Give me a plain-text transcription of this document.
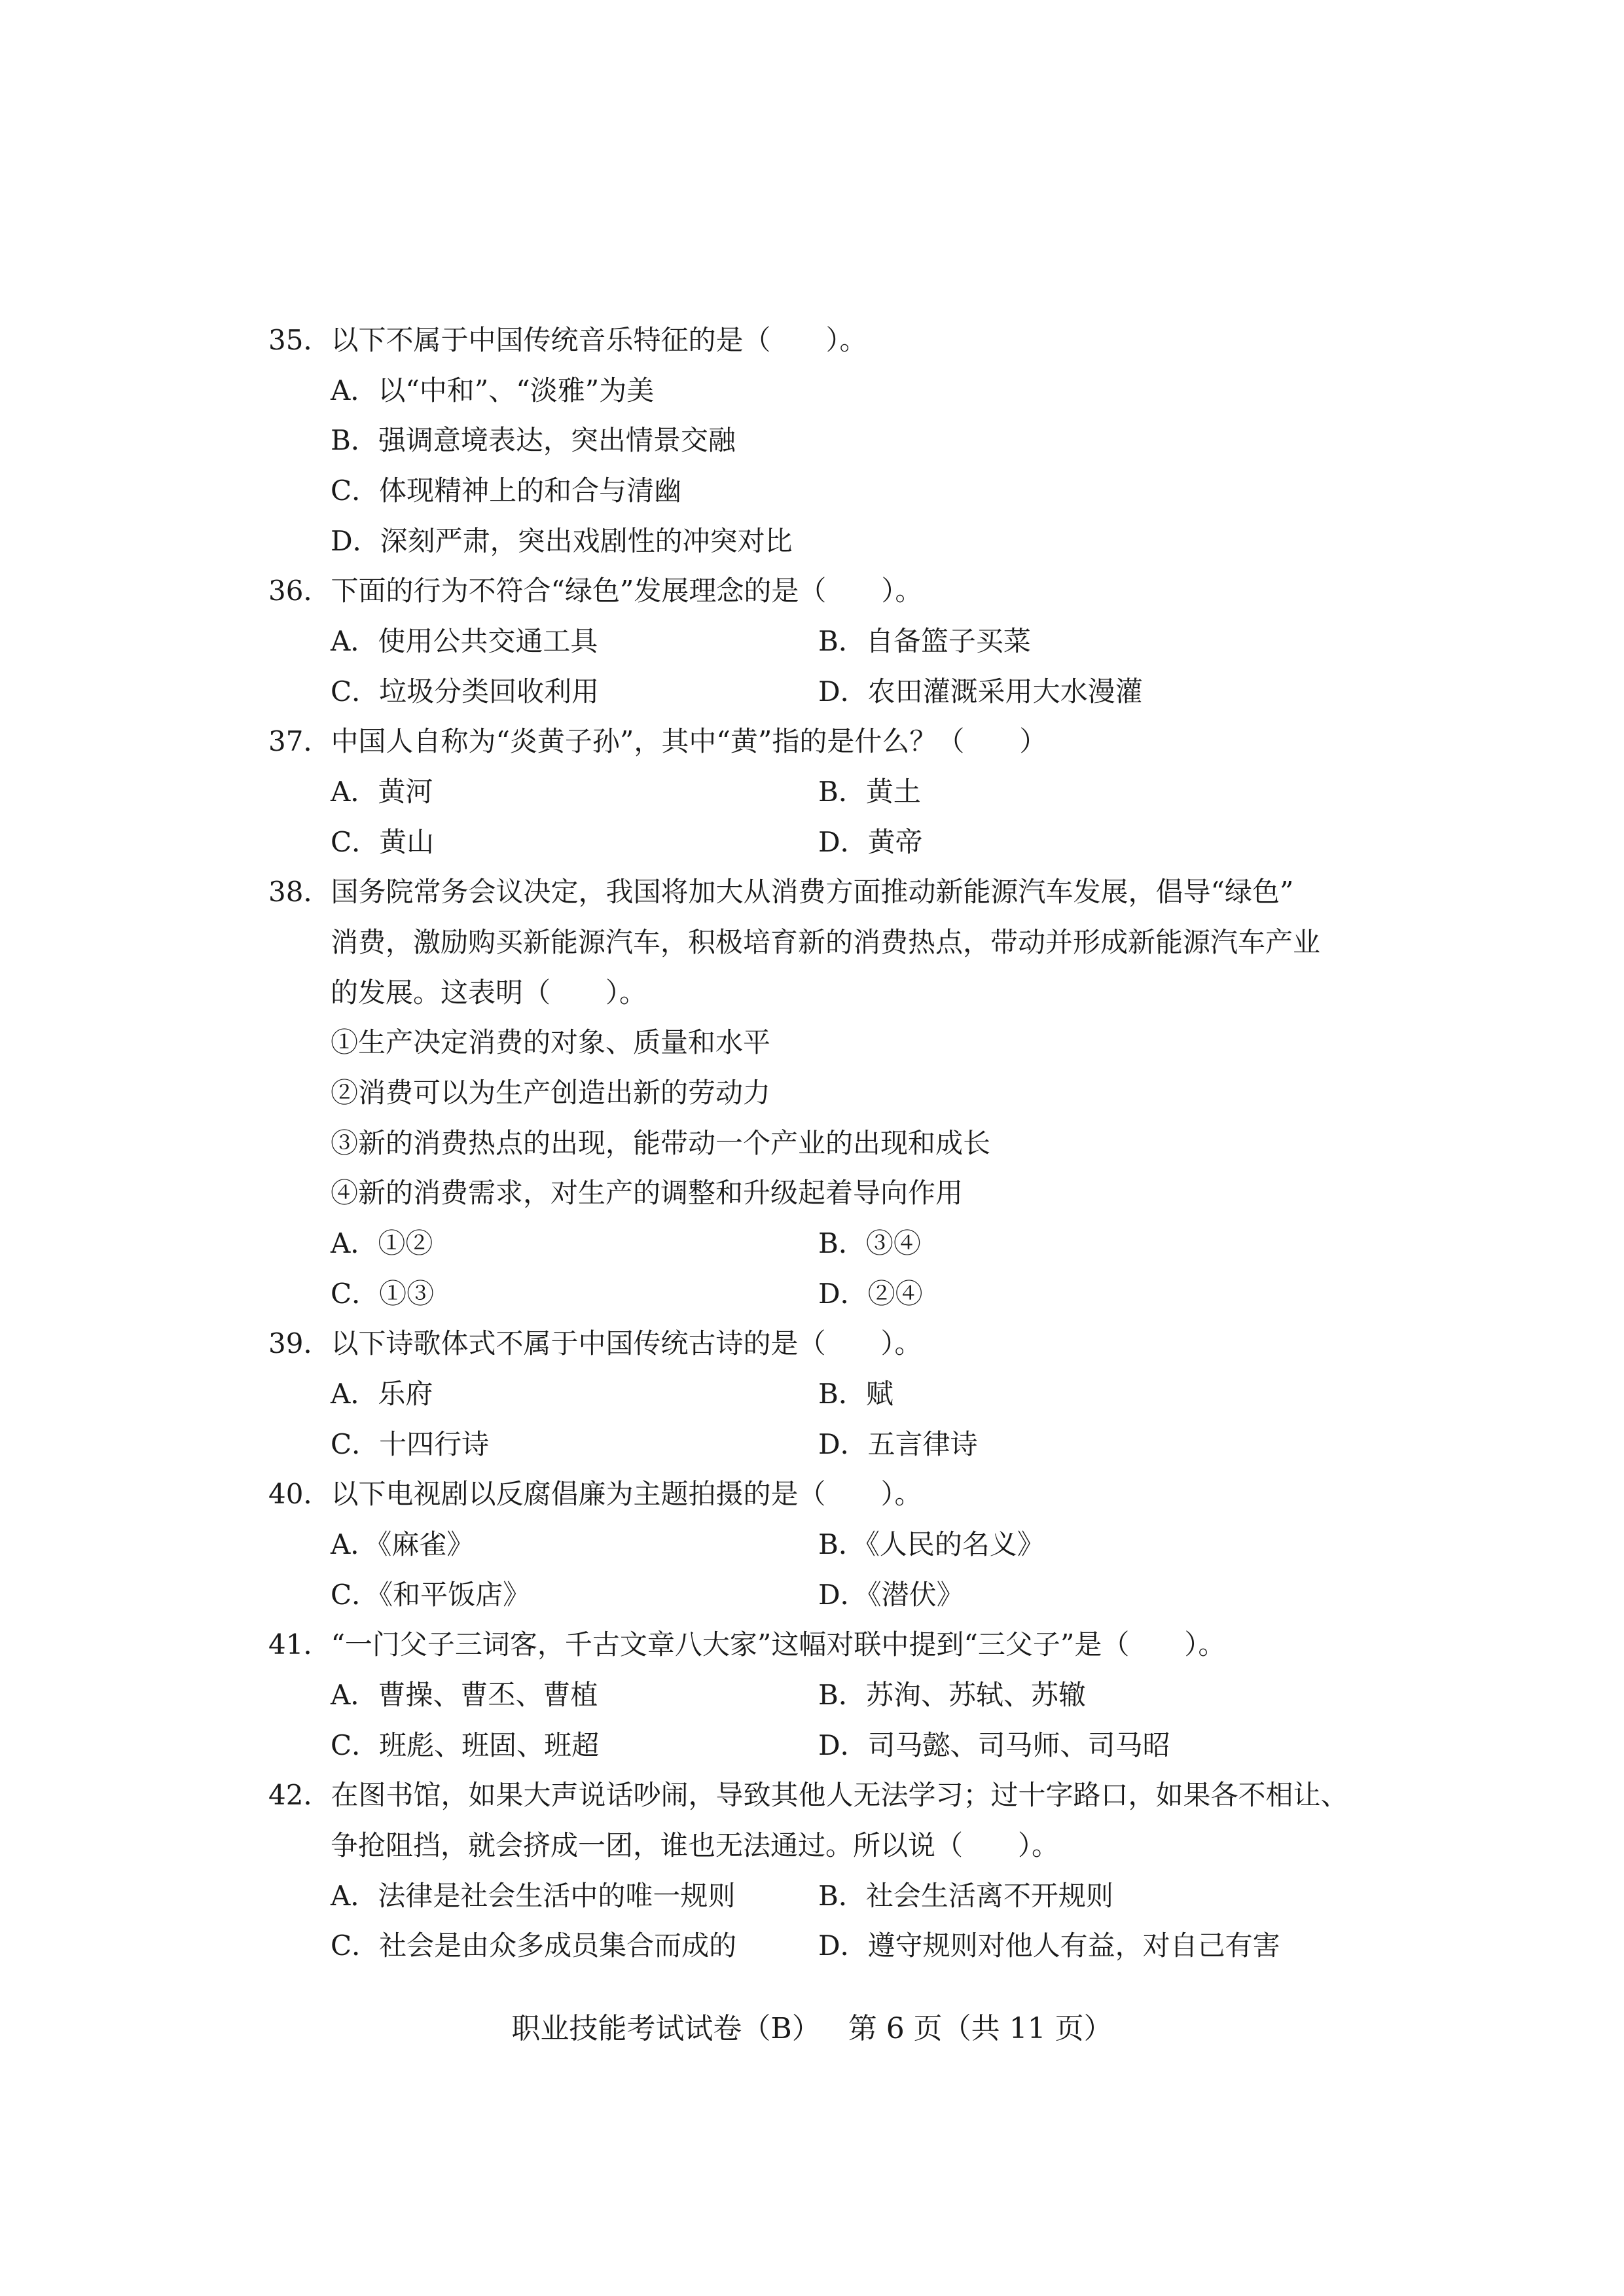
35．以下不属于中国传统音乐特征的是（　　）。
A．以“中和”、“淡雅”为美
B．强调意境表达，突出情景交融
C．体现精神上的和合与清幽
D．深刻严肃，突出戏剧性的冲突对比
36．下面的行为不符合“绿色”发展理念的是（　　）。
A．使用公共交通工具	B．自备篮子买菜
C．垃圾分类回收利用	D．农田灌溉采用大水漫灌
37．中国人自称为“炎黄子孙”，其中“黄”指的是什么？（　　）
A．黄河	B．黄土
C．黄山	D．黄帝
38．国务院常务会议决定，我国将加大从消费方面推动新能源汽车发展，倡导“绿色”
消费，激励购买新能源汽车，积极培育新的消费热点，带动并形成新能源汽车产业
的发展。这表明（　　）。
①生产决定消费的对象、质量和水平
②消费可以为生产创造出新的劳动力
③新的消费热点的出现，能带动一个产业的出现和成长
④新的消费需求，对生产的调整和升级起着导向作用
A．①②	B．③④
C．①③	D．②④
39．以下诗歌体式不属于中国传统古诗的是（　　）。
A．乐府	B．赋
C．十四行诗	D．五言律诗
40．以下电视剧以反腐倡廉为主题拍摄的是（　　）。
A．《麻雀》	B．《人民的名义》
C．《和平饭店》	D．《潜伏》
41．“一门父子三词客，千古文章八大家”这幅对联中提到“三父子”是（　　）。
A．曹操、曹丕、曹植	B．苏洵、苏轼、苏辙
C．班彪、班固、班超	D．司马懿、司马师、司马昭
42．在图书馆，如果大声说话吵闹，导致其他人无法学习；过十字路口，如果各不相让、
争抢阻挡，就会挤成一团，谁也无法通过。所以说（　　）。
A．法律是社会生活中的唯一规则	B．社会生活离不开规则
C．社会是由众多成员集合而成的	D．遵守规则对他人有益，对自己有害
职业技能考试试卷（B） 第 6 页（共 11 页）
